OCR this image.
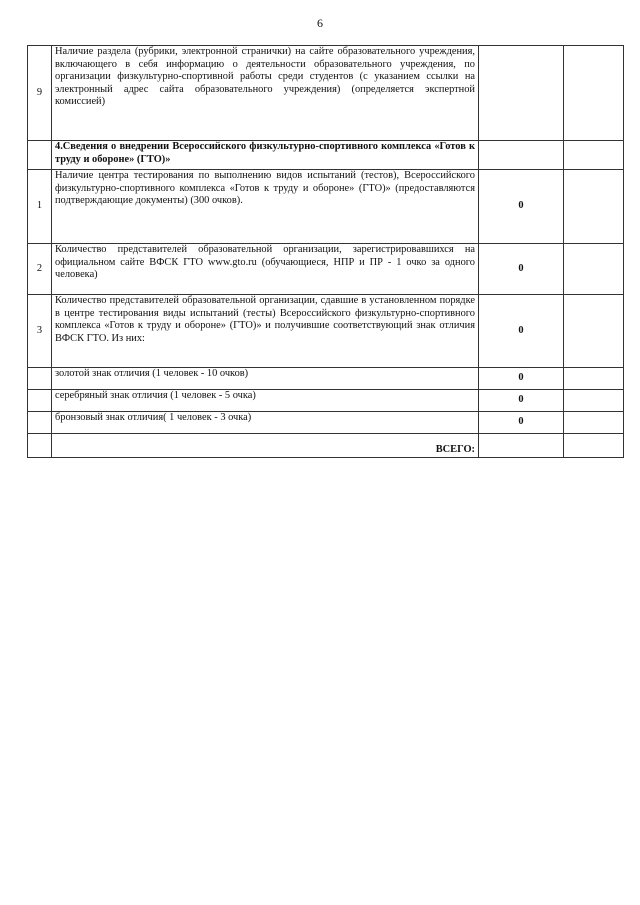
6
9	Наличие раздела (рубрики, электронной странички) на сайте образовательного учреждения, включающего в себя информацию о деятельности образовательного учреждения, по организации физкультурно-спортивной работы среди студентов (с указанием ссылки на электронный адрес сайта образовательного учреждения) (определяется экспертной комиссией)		
	4.Сведения о внедрении Всероссийского физкультурно-спортивного комплекса «Готов к труду и обороне» (ГТО)»		
1	Наличие центра тестирования по выполнению видов испытаний (тестов), Всероссийского физкультурно-спортивного комплекса «Готов к труду и обороне» (ГТО)» (предоставляются подтверждающие документы) (300 очков).	0	
2	Количество представителей образовательной организации, зарегистрировавшихся на официальном сайте ВФСК ГТО www.gto.ru (обучающиеся, НПР и ПР - 1 очко за одного человека)	0	
3	Количество представителей образовательной организации, сдавшие в установленном порядке в центре тестирования виды испытаний (тесты) Всероссийского физкультурно-спортивного комплекса «Готов к труду и обороне» (ГТО)» и получившие соответствующий знак отличия ВФСК ГТО. Из них:	0	
	золотой знак отличия (1 человек - 10 очков)	0	
	серебряный знак отличия (1 человек - 5 очка)	0	
	бронзовый знак отличия( 1 человек - 3 очка)	0	
	ВСЕГО:		
